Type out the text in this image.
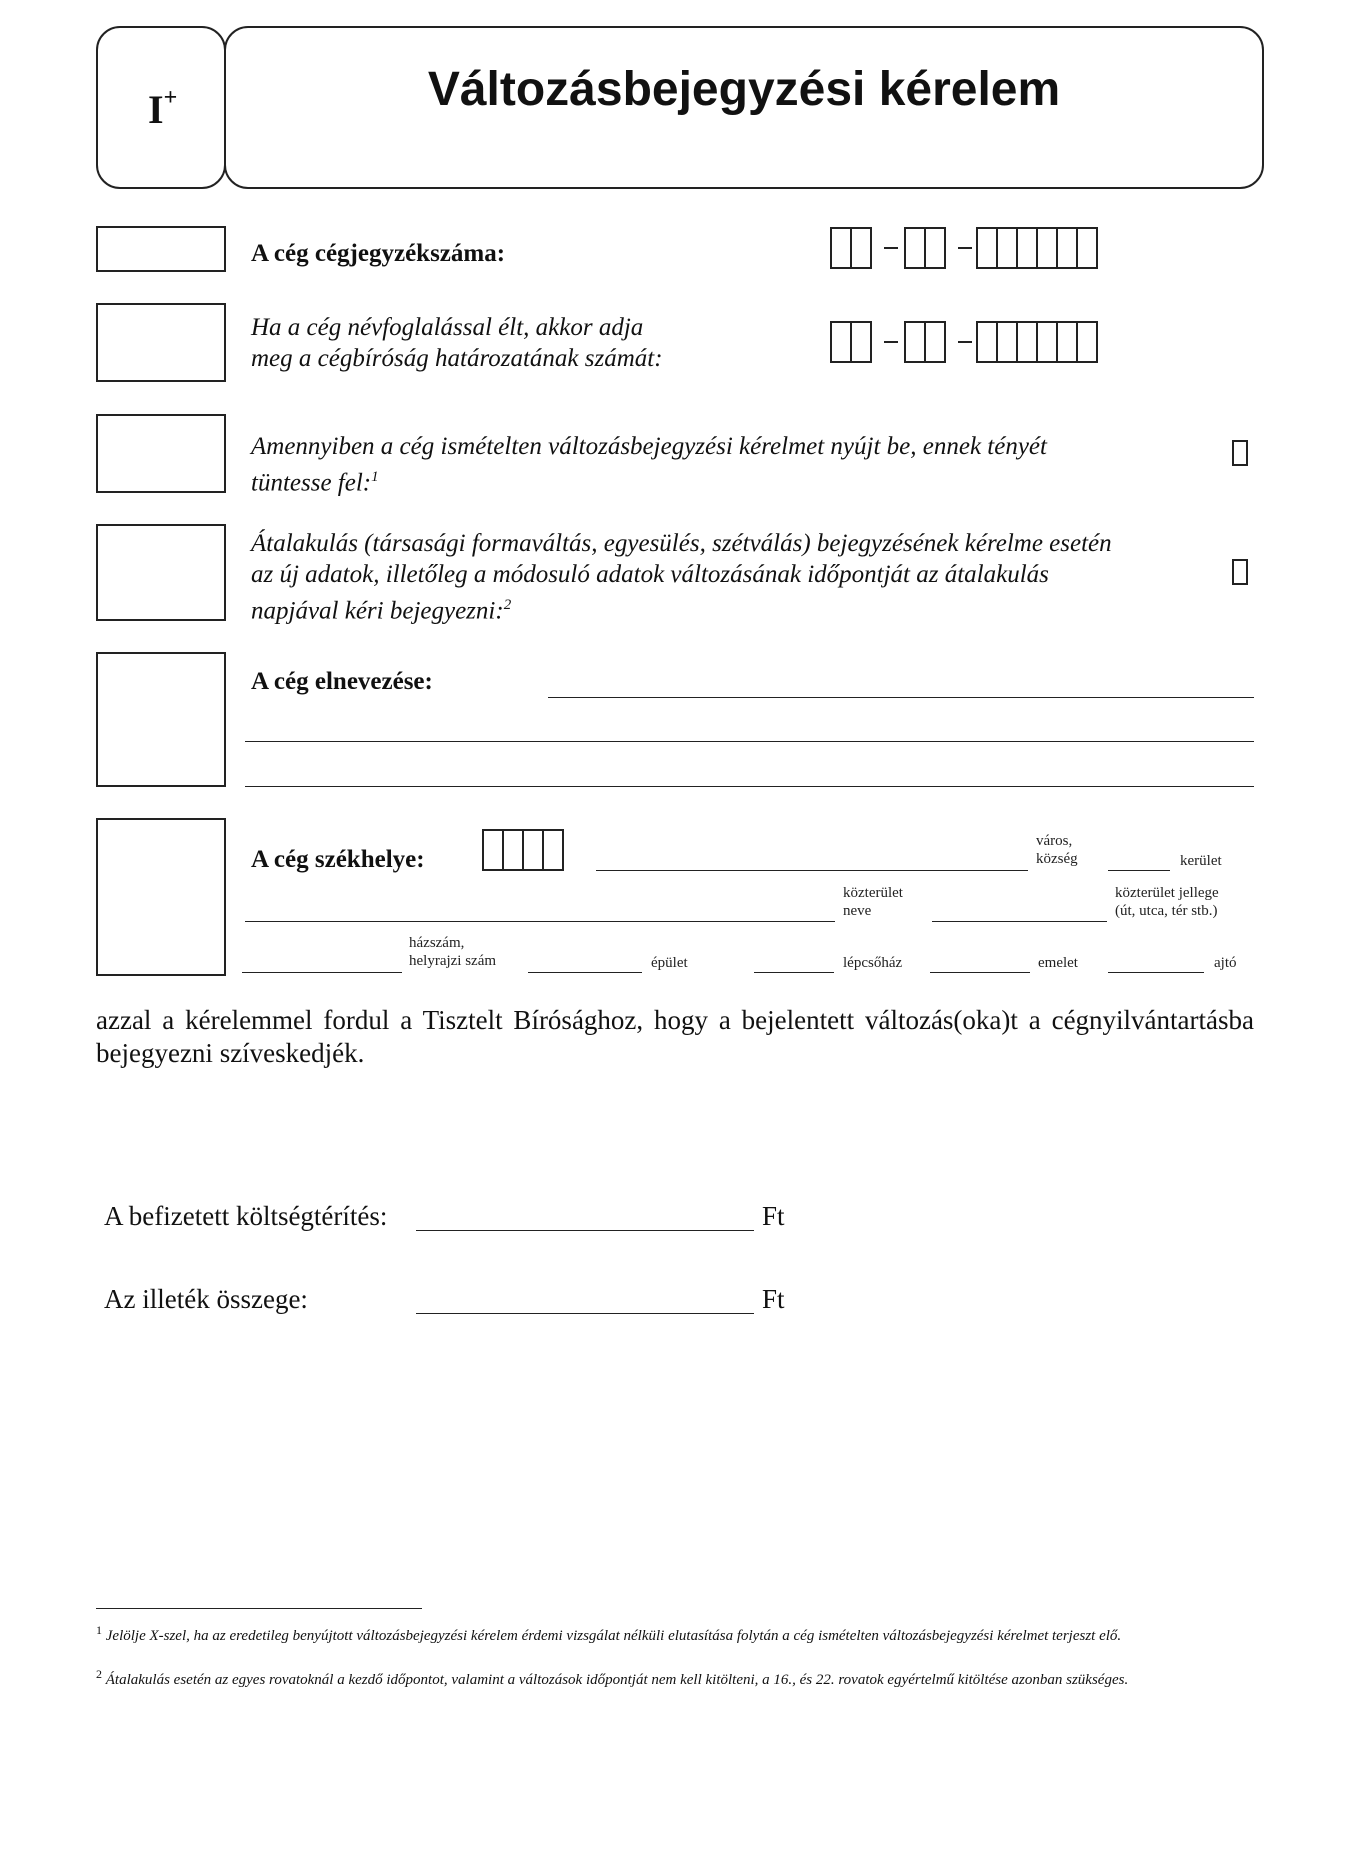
I+	Változásbejegyzési kérelem
A cég cégjegyzékszáma:
Ha a cég névfoglalással élt, akkor adja
meg a cégbíróság határozatának számát:
Amennyiben a cég ismételten változásbejegyzési kérelmet nyújt be, ennek tényét
tüntesse fel:$^1$
Átalakulás (társasági formaváltás, egyesülés, szétválás) bejegyzésének kérelme esetén
az új adatok, illetőleg a módosuló adatok változásának időpontját az átalakulás
napjával kéri bejegyezni:$^2$
A cég elnevezése:
A cég székhelye:
város,
község	kerület
közterület
neve
közterület jellege
(út, utca, tér stb.)
házszám,
helyrajzi szám	épület	lépcsőház	emelet	ajtó
azzal a kérelemmel fordul a Tisztelt Bírósághoz, hogy a bejelentett változás(oka)t a cégnyilvántartásba bejegyezni szíveskedjék.
A befizetett költségtérítés:	Ft
Az illeték összege:	Ft
$^1$ Jelölje X-szel, ha az eredetileg benyújtott változásbejegyzési kérelem érdemi vizsgálat nélküli elutasítása folytán a cég ismételten változásbejegyzési kérelmet terjeszt elő.
$^2$ Átalakulás esetén az egyes rovatoknál a kezdő időpontot, valamint a változások időpontját nem kell kitölteni, a 16., és 22. rovatok egyértelmű kitöltése azonban szükséges.
